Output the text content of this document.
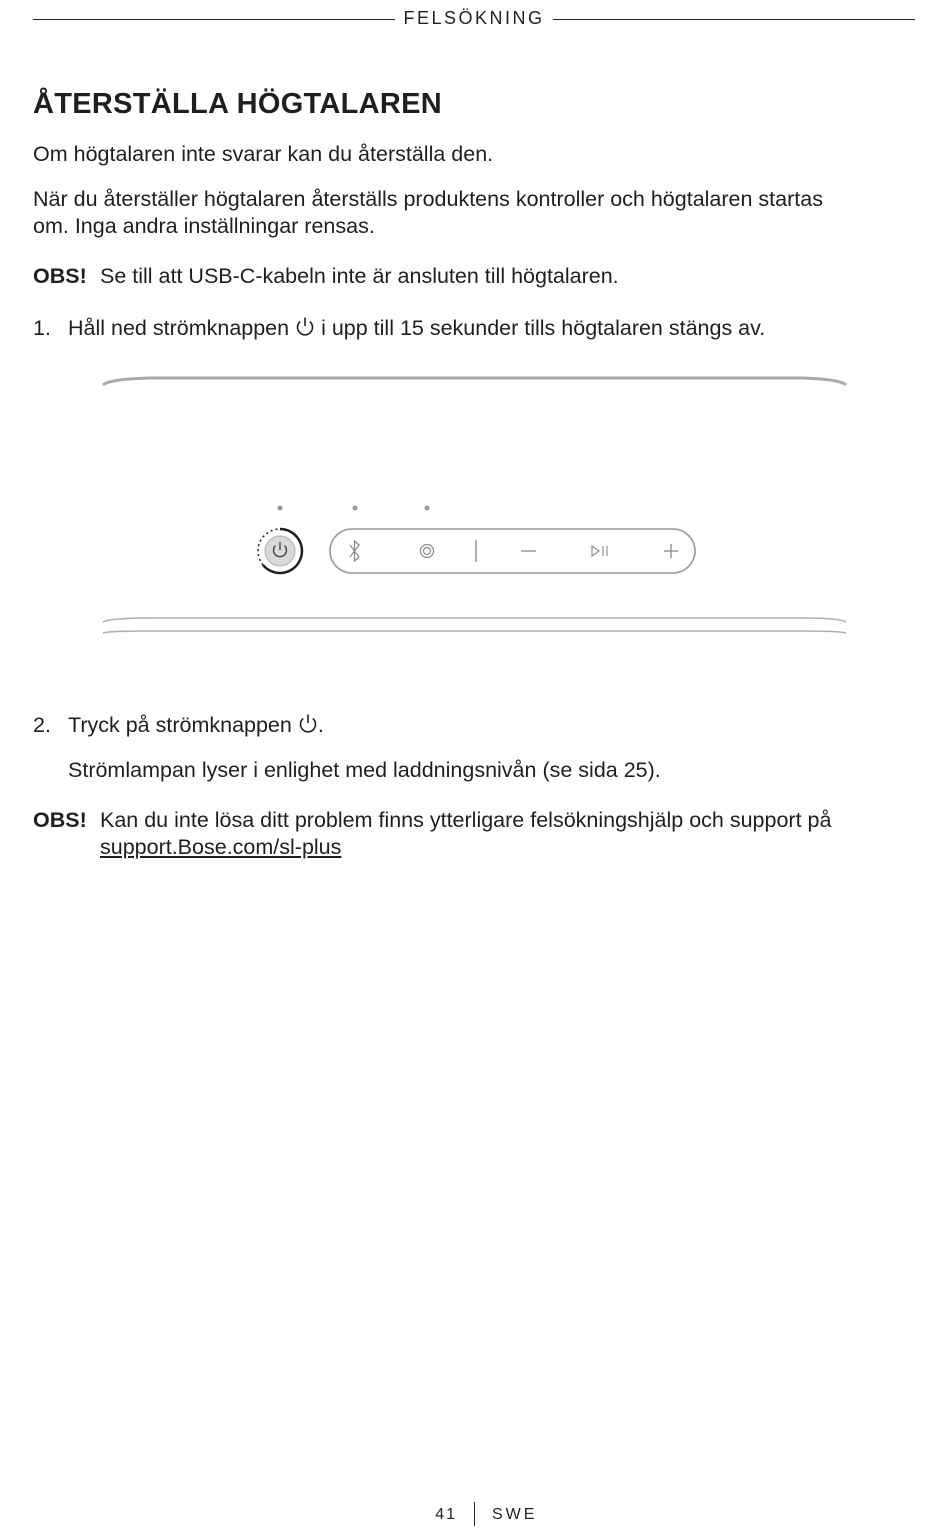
FELSÖKNING
ÅTERSTÄLLA HÖGTALAREN

Om högtalaren inte svarar kan du återställa den.

När du återställer högtalaren återställs produktens kontroller och högtalaren startas

om. Inga andra inställningar rensas.

OBS! Se till att USB-C-kabeln inte är ansluten till högtalaren.
1. Håll ned strömknappen i upp till 15 sekunder tills högtalaren stängs av.
2. Tryck på strömknappen .

Strömlampan lyser i enlighet med laddningsnivån (se sida 25).

OBS! Kan du inte lösa ditt problem finns ytterligare felsökningshjälp och support på
support.Bose.com/sl-plus
41 SWE
